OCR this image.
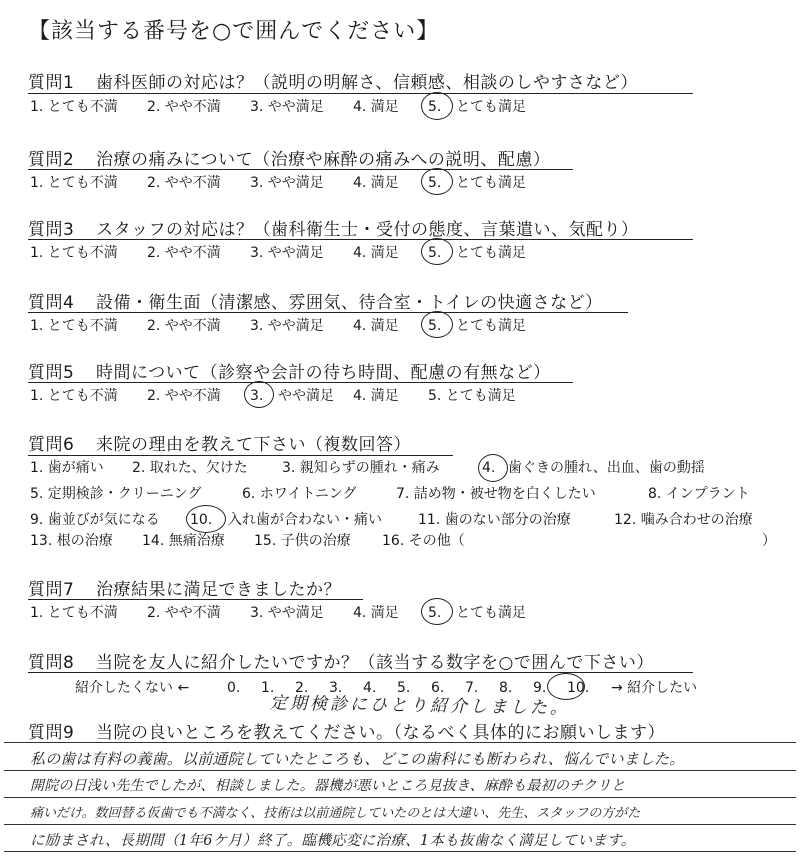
【該当する番号を○で囲んでください】
質問1 歯科医師の対応は？（説明の明解さ、信頼感、相談のしやすさなど）
1. とても不満 2. やや不満 3. やや満足 4. 満足 5. とても満足
質問2 治療の痛みについて（治療や麻酔の痛みへの説明、配慮）
1. とても不満 2. やや不満 3. やや満足 4. 満足 5. とても満足
質問3 スタッフの対応は？（歯科衛生士・受付の態度、言葉遣い、気配り）
1. とても不満 2. やや不満 3. やや満足 4. 満足 5. とても満足
質問4 設備・衛生面（清潔感、雰囲気、待合室・トイレの快適さなど）
1. とても不満 2. やや不満 3. やや満足 4. 満足 5. とても満足
質問5 時間について（診察や会計の待ち時間、配慮の有無など）
1. とても不満 2. やや不満 3. やや満足 4. 満足 5. とても満足
質問6 来院の理由を教えて下さい（複数回答）
1. 歯が痛い 2. 取れた、欠けた 3. 親知らずの腫れ・痛み	4. 歯ぐきの腫れ、出血、歯の動揺
5. 定期検診・クリーニング	6. ホワイトニング	7. 詰め物・被せ物を白くしたい	8. インプラント
9. 歯並びが気になる 10. 入れ歯が合わない・痛い	11. 歯のない部分の治療	12. 噛み合わせの治療
13. 根の治療 14. 無痛治療 15. 子供の治療 16. その他（	）
質問7 治療結果に満足できましたか？
1. とても不満 2. やや不満 3. やや満足 4. 満足 5. とても満足
質問8 当院を友人に紹介したいですか？（該当する数字を○で囲んで下さい）
紹介したくない ←	0. 1. 2. 3. 4. 5. 6. 7. 8. 9. 10. → 紹介したい
定期検診にひとり紹介しました。
質問9 当院の良いところを教えてください。（なるべく具体的にお願いします）
私の歯は有料の義歯。以前通院していたところも、どこの歯科にも断わられ、悩んでいました。
開院の日浅い先生でしたが、相談しました。器機が悪いところ見抜き、麻酔も最初のチクリと
痛いだけ。数回替る仮歯でも不満なく、技術は以前通院していたのとは大違い、先生、スタッフの方がた
に励まされ、長期間（1年6ケ月）終了。臨機応変に治療、1本も抜歯なく満足しています。
